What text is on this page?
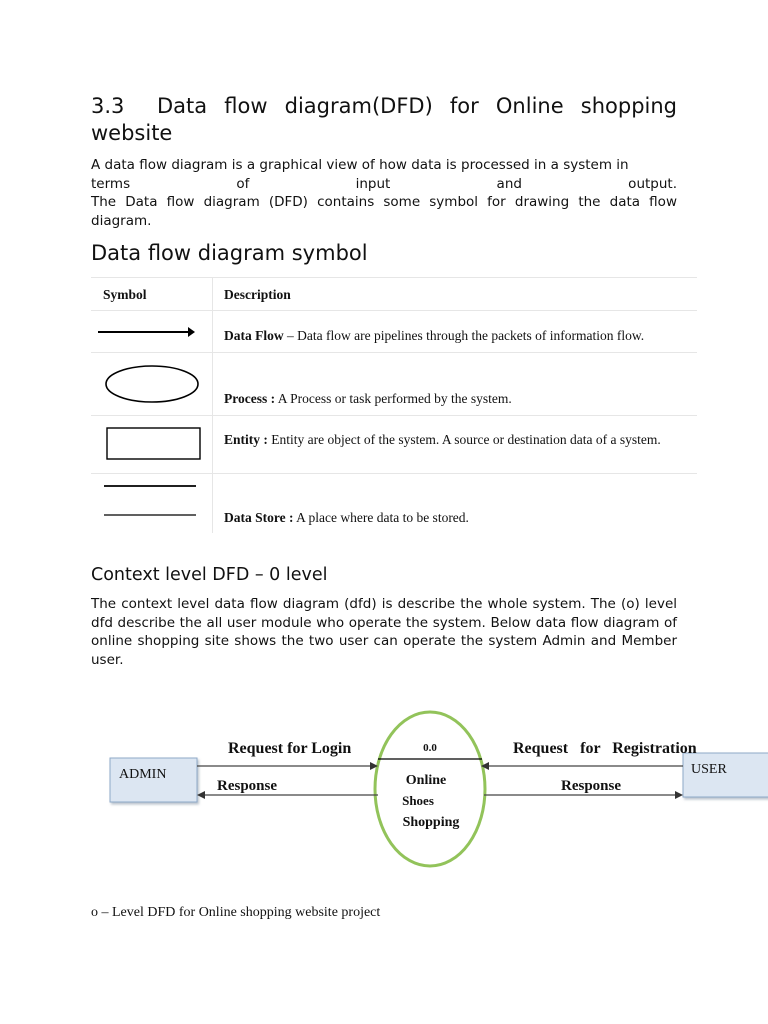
3.3 Data flow diagram(DFD) for Online shopping website
A data flow diagram is a graphical view of how data is processed in a system in
terms of input and output.
The Data flow diagram (DFD) contains some symbol for drawing the data flow diagram.
Data flow diagram symbol
Symbol	Description
Data Flow – Data flow are pipelines through the packets of information flow.
Process : A Process or task performed by the system.
Entity : Entity are object of the system. A source or destination data of a system.
Data Store : A place where data to be stored.
Context level DFD – 0 level

The context level data flow diagram (dfd) is describe the whole system. The (o) level dfd describe the all user module who operate the system. Below data flow diagram of online shopping site shows the two user can operate the system Admin and Member user.

ADMIN	USER
0.0
Online
Shoes
Shopping
Request for Login
Response
Request   for   Registration
Response

o – Level DFD for Online shopping website project
